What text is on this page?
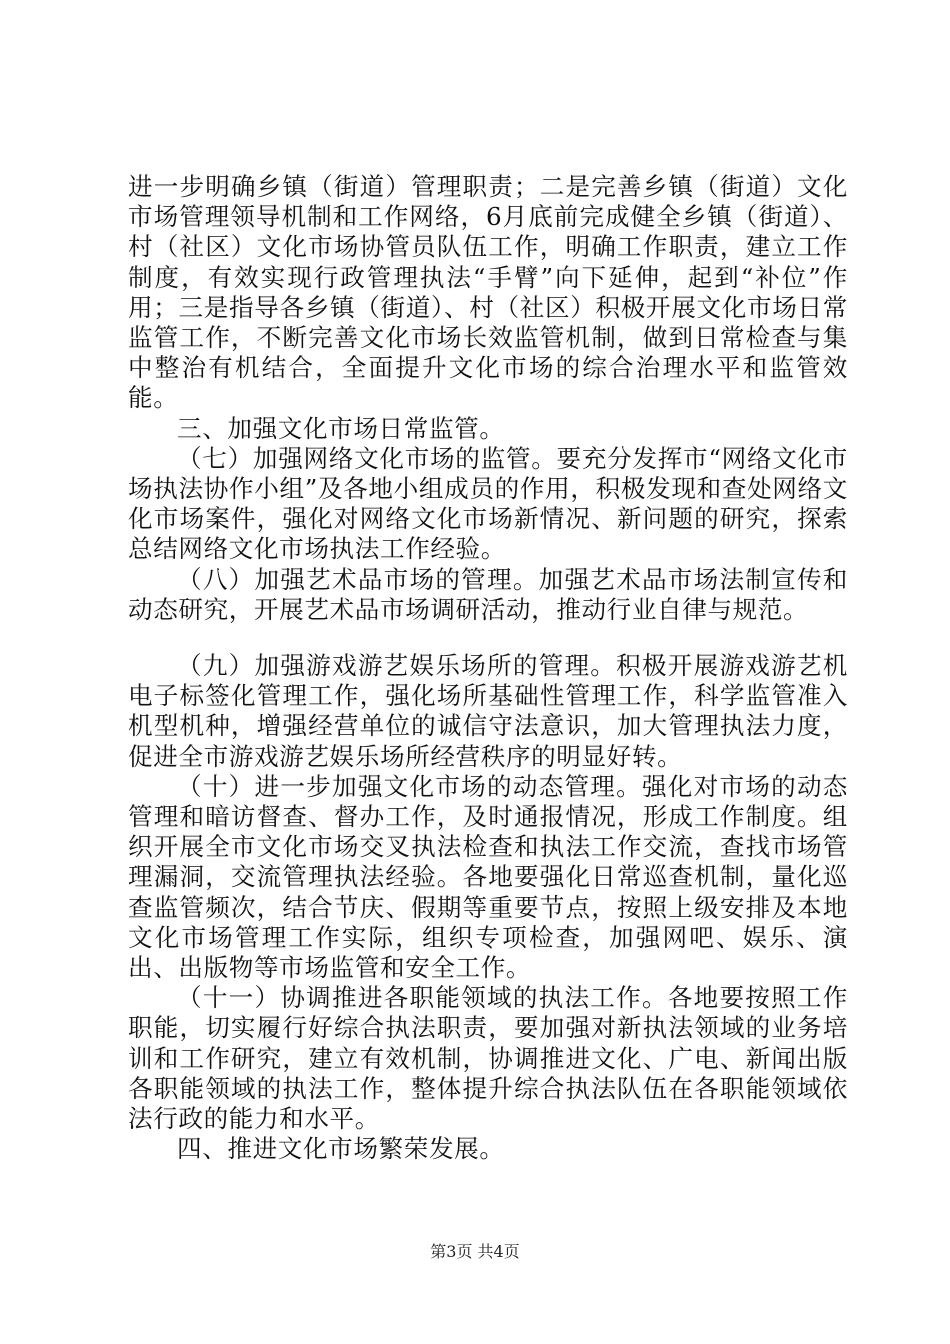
进一步明确乡镇（街道）管理职责；二是完善乡镇（街道）文化市场管理领导机制和工作网络，6月底前完成健全乡镇（街道）、村（社区）文化市场协管员队伍工作，明确工作职责，建立工作制度，有效实现行政管理执法“手臂”向下延伸，起到“补位”作用；三是指导各乡镇（街道）、村（社区）积极开展文化市场日常监管工作，不断完善文化市场长效监管机制，做到日常检查与集中整治有机结合，全面提升文化市场的综合治理水平和监管效能。

三、加强文化市场日常监管。

（七）加强网络文化市场的监管。要充分发挥市“网络文化市场执法协作小组”及各地小组成员的作用，积极发现和查处网络文化市场案件，强化对网络文化市场新情况、新问题的研究，探索总结网络文化市场执法工作经验。

（八）加强艺术品市场的管理。加强艺术品市场法制宣传和动态研究，开展艺术品市场调研活动，推动行业自律与规范。

（九）加强游戏游艺娱乐场所的管理。积极开展游戏游艺机电子标签化管理工作，强化场所基础性管理工作，科学监管准入机型机种，增强经营单位的诚信守法意识，加大管理执法力度，促进全市游戏游艺娱乐场所经营秩序的明显好转。

（十）进一步加强文化市场的动态管理。强化对市场的动态管理和暗访督查、督办工作，及时通报情况，形成工作制度。组织开展全市文化市场交叉执法检查和执法工作交流，查找市场管理漏洞，交流管理执法经验。各地要强化日常巡查机制，量化巡查监管频次，结合节庆、假期等重要节点，按照上级安排及本地文化市场管理工作实际，组织专项检查，加强网吧、娱乐、演出、出版物等市场监管和安全工作。

（十一）协调推进各职能领域的执法工作。各地要按照工作职能，切实履行好综合执法职责，要加强对新执法领域的业务培训和工作研究，建立有效机制，协调推进文化、广电、新闻出版各职能领域的执法工作，整体提升综合执法队伍在各职能领域依法行政的能力和水平。

四、推进文化市场繁荣发展。

第3页 共4页
